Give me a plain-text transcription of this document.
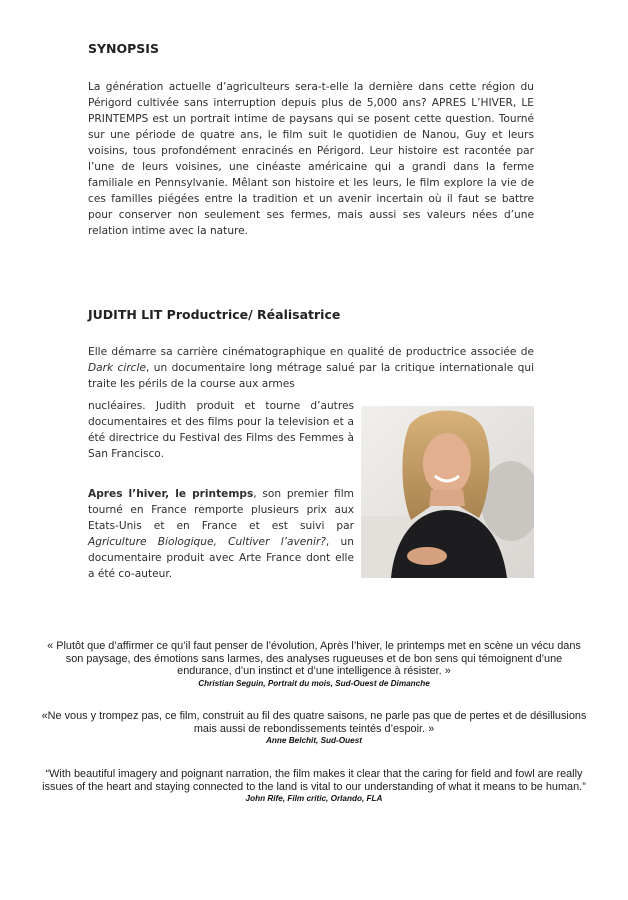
SYNOPSIS

La génération actuelle d’agriculteurs sera-t-elle la dernière dans cette région du Périgord cultivée sans interruption depuis plus de 5,000 ans? APRES L’HIVER, LE PRINTEMPS est un portrait intime de paysans qui se posent cette question. Tourné sur une période de quatre ans, le film suit le quotidien de Nanou, Guy et leurs voisins, tous profondément enracinés en Périgord. Leur histoire est racontée par l’une de leurs voisines, une cinéaste américaine qui a grandi dans la ferme familiale en Pennsylvanie. Mêlant son histoire et les leurs, le film explore la vie de ces familles piégées entre la tradition et un avenir incertain où il faut se battre pour conserver non seulement ses fermes, mais aussi ses valeurs nées d’une relation intime avec la nature.

JUDITH LIT Productrice/ Réalisatrice

Elle démarre sa carrière cinématographique en qualité de productrice associée de Dark circle, un documentaire long métrage salué par la critique internationale qui traite les périls de la course aux armes

nucléaires. Judith produit et tourne d’autres documentaires et des films pour la television et a été directrice du Festival des Films des Femmes à San Francisco.

Apres l’hiver, le printemps, son premier film tourné en France remporte plusieurs prix aux Etats-Unis et en France et est suivi par Agriculture Biologique, Cultiver l’avenir?, un documentaire produit avec Arte France dont elle a été co-auteur.

« Plutôt que d’affirmer ce qu’il faut penser de l’évolution, Après l’hiver, le printemps met en scène un vécu dans son paysage, des émotions sans larmes, des analyses rugueuses et de bon sens qui témoignent d’une endurance, d’un instinct et d’une intelligence à résister. »
Christian Seguin, Portrait du mois, Sud-Ouest de Dimanche

«Ne vous y trompez pas, ce film, construit au fil des quatre saisons, ne parle pas que de pertes et de désillusions mais aussi de rebondissements teintés d’espoir. »
Anne Belchit, Sud-Ouest

“With beautiful imagery and poignant narration, the film makes it clear that the caring for field and fowl are really issues of the heart and staying connected to the land is vital to our understanding of what it means to be human.”
John Rife, Film critic, Orlando, FLA
